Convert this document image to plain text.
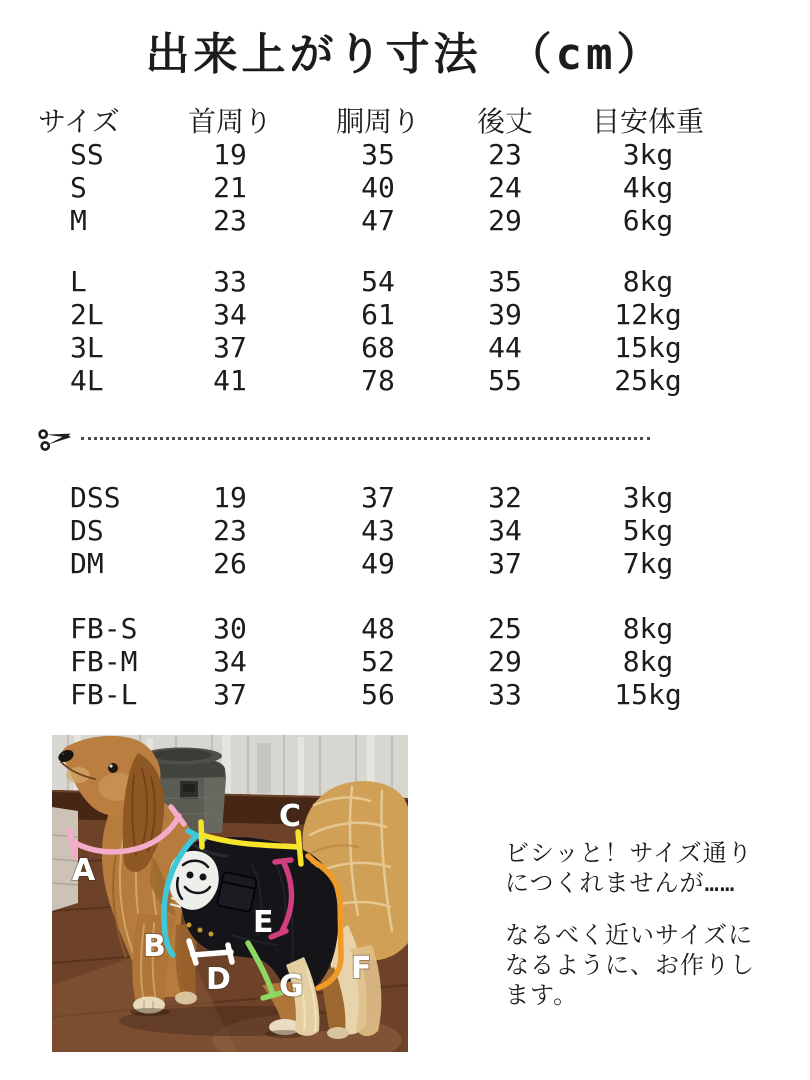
出来上がり寸法　（cm）
サイズ	首周り	胴周り	後丈	目安体重
SS	19	35	23	3kg
S	21	40	24	4kg
M	23	47	29	6kg
L	33	54	35	8kg
2L	34	61	39	12kg
3L	37	68	44	15kg
4L	41	78	55	25kg
DSS	19	37	32	3kg
DS	23	43	34	5kg
DM	26	49	37	7kg
FB-S	30	48	25	8kg
FB-M	34	52	29	8kg
FB-L	37	56	33	15kg
A
B
C
D
E
F
G
ビシッと！サイズ通り
につくれませんが……
なるべく近いサイズに
なるように、お作りし
ます。
